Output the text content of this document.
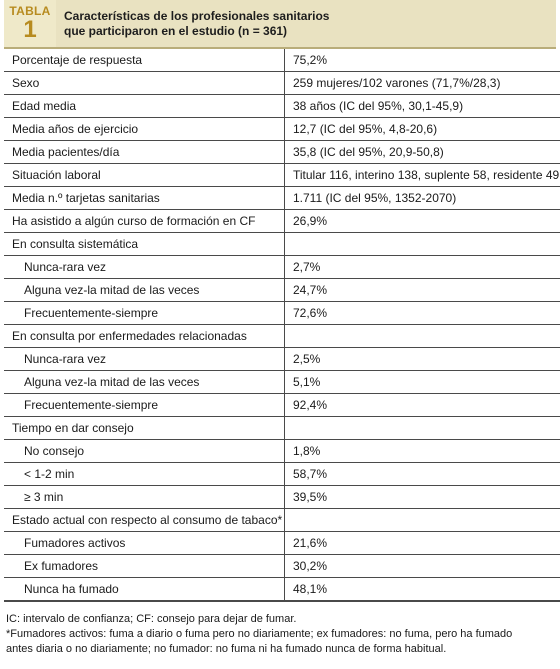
TABLA
1
Características de los profesionales sanitarios
que participaron en el estudio (n = 361)
Porcentaje de respuesta	75,2%
Sexo	259 mujeres/102 varones (71,7%/28,3)
Edad media	38 años (IC del 95%, 30,1-45,9)
Media años de ejercicio	12,7 (IC del 95%, 4,8-20,6)
Media pacientes/día	35,8 (IC del 95%, 20,9-50,8)
Situación laboral	Titular 116, interino 138, suplente 58, residente 49
Media n.º tarjetas sanitarias	1.711 (IC del 95%, 1352-2070)
Ha asistido a algún curso de formación en CF	26,9%
En consulta sistemática	
Nunca-rara vez	2,7%
Alguna vez-la mitad de las veces	24,7%
Frecuentemente-siempre	72,6%
En consulta por enfermedades relacionadas	
Nunca-rara vez	2,5%
Alguna vez-la mitad de las veces	5,1%
Frecuentemente-siempre	92,4%
Tiempo en dar consejo	
No consejo	1,8%
< 1-2 min	58,7%
≥ 3 min	39,5%
Estado actual con respecto al consumo de tabaco*	
Fumadores activos	21,6%
Ex fumadores	30,2%
Nunca ha fumado	48,1%
IC: intervalo de confianza; CF: consejo para dejar de fumar.
*Fumadores activos: fuma a diario o fuma pero no diariamente; ex fumadores: no fuma, pero ha fumado
antes diaria o no diariamente; no fumador: no fuma ni ha fumado nunca de forma habitual.
